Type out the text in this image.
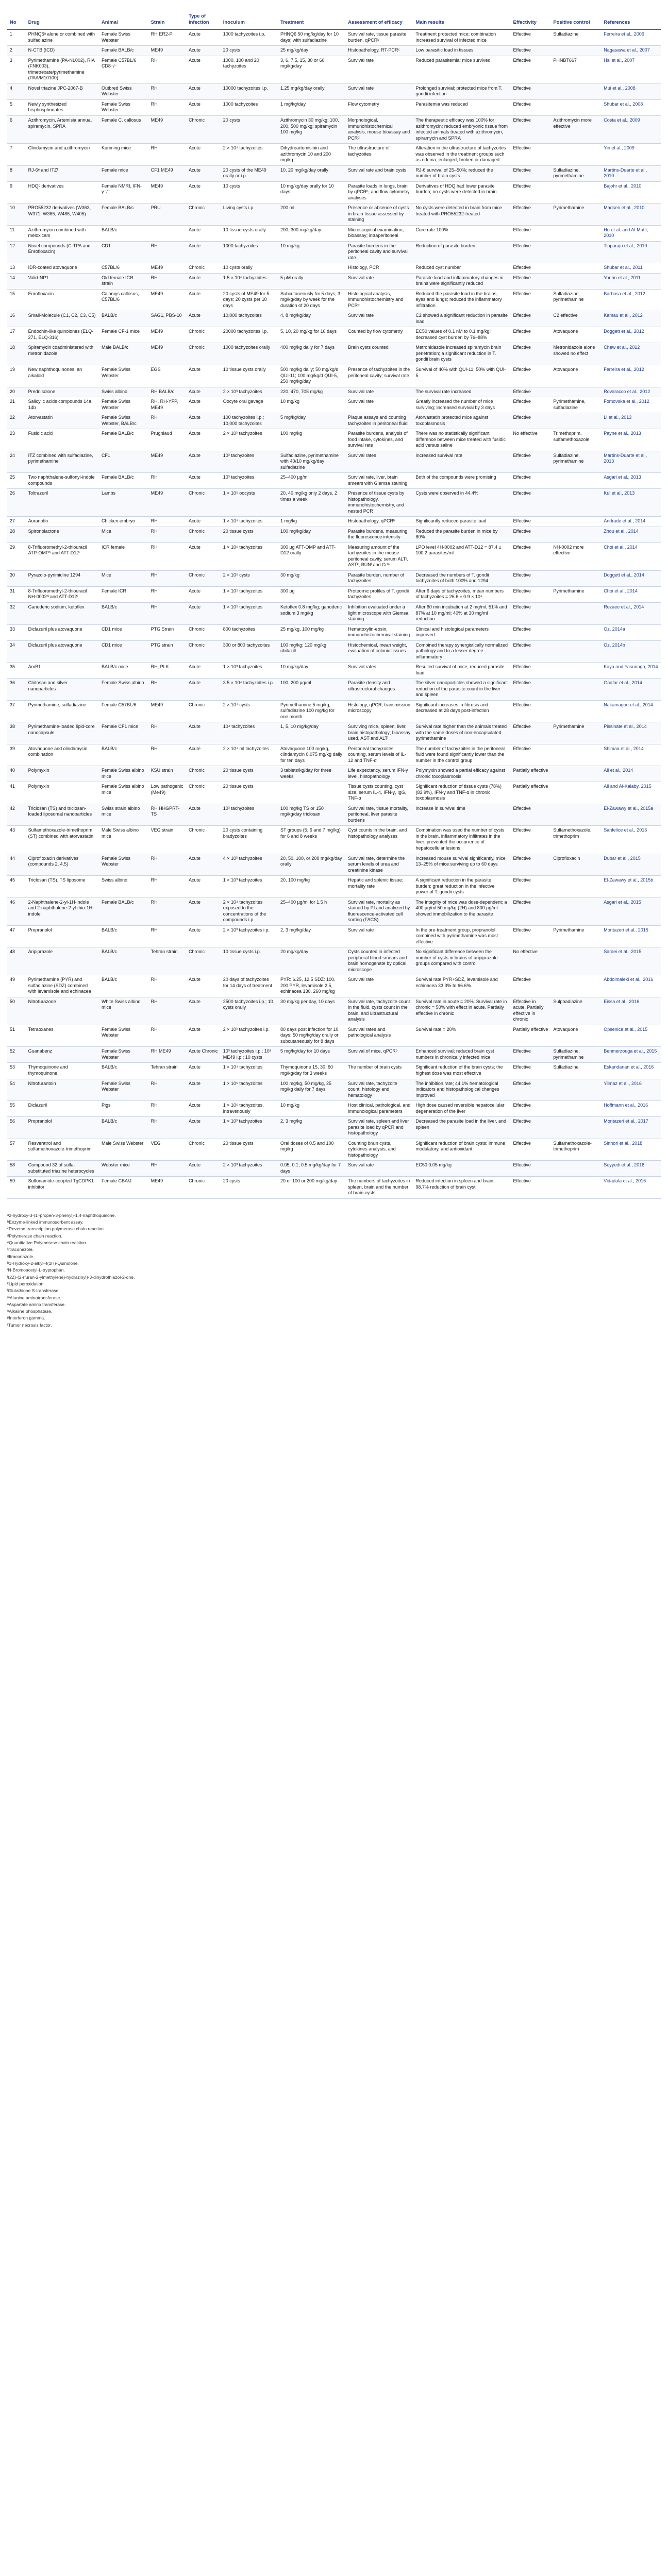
No	Drug	Animal	Strain	Type of infection	Inoculum	Treatment	Assessment of efficacy	Main results	Effectivity	Positive control	References
1	PHNQ6ᵃ alone or combined with sulfadiazine	Female Swiss Webster	RH ER2-P	Acute	1000 tachyzoites i.p.	PHNQ6 50 mg/kg/day for 10 days; with sulfadiazine	Survival rate, tissue parasite burden, qPCRᵇ	Treatment protected mice; combination increased survival of infected mice	Effective	Sulfadiazine	Ferreira et al., 2006
2	N-CTB (ICD)	Female BALB/c	ME49	Acute	20 cysts	25 mg/kg/day	Histopathology, RT-PCRᶜ	Low parasitic load in tissues	Effective		Nagasawa et al., 2007
3	Pyrimethamine (PA-NL002), RIA (FNK003), trimetrexate/pyrimethamine (PAA/M10100)	Female C57BL/6 CD8⁻/⁻	RH	Acute	1000, 100 and 20 tachyzoites	3, 6, 7.5, 15, 30 or 60 mg/kg/day	Survival rate	Reduced parasitemia; mice survived	Effective	PHNBT667	Hsi et al., 2007
4	Novel triazine JPC-2067-B	Outbred Swiss Webster	RH	Acute	10000 tachyzoites i.p.	1.25 mg/kg/day orally	Survival rate	Prolonged survival; protected mice from T. gondii infection	Effective		Mui et al., 2008
5	Newly synthesized bisphosphonates	Female Swiss Webster	RH	Acute	1000 tachyzoites	1 mg/kg/day	Flow cytometry	Parasitemia was reduced	Effective		Shubar et al., 2008
6	Azithromycin, Artemisia annua, spiramycin, SPRA	Female C. callosus	ME49	Chronic	20 cysts	Azithromycin 30 mg/kg; 100, 200, 500 mg/kg; spiramycin 100 mg/kg	Morphological, immunohistochemical analysis, mouse bioassay and PCRᵈ	The therapeutic efficacy was 100% for azithromycin; reduced embryonic tissue from infected animals treated with azithromycin, spiramycin and SPRA	Effective	Azithromycin more effective	Costa et al., 2009
7	Clindamycin and azithromycin	Kunming mice	RH	Acute	2 × 10⁴ tachyzoites	Dihydroartemisinin and azithromycin 10 and 200 mg/kg	The ultrastructure of tachyzoites	Alteration in the ultrastructure of tachyzoites was observed in the treatment groups such as edema, enlarged, broken or damaged	Effective		Yin et al., 2009
8	RJ-6ᵉ and ITZᶠ	Female mice	CF1 ME49	Acute	20 cysts of the ME49 orally or i.p.	10, 20 mg/kg/day orally	Survival rate and brain cysts	RJ-6 survival of 25–50%; reduced the number of brain cysts	Effective	Sulfadiazine, pyrimethamine	Martins-Duarte et al., 2010
9	HDQᵍ derivatives	Female NMRI, IFN-γ⁻/⁻	ME49	Acute	10 cysts	10 mg/kg/day orally for 10 days	Parasite loads in lungs, brain by qPCRᵇ, and flow cytometry analyses	Derivatives of HDQ had lower parasite burden; no cysts were detected in brain	Effective		Bajohr et al., 2010
10	PRO55232 derivatives (W363, W371, W365, W486, W405)	Female BALB/c	PRU	Chronic	Living cysts i.p.	200 ml	Presence or absence of cysts in brain tissue assessed by staining	No cysts were detected in brain from mice treated with PRO55232-treated	Effective	Pyrimethamine	Madsen et al., 2010
11	Azithromycin combined with meloxicam	BALB/c		Acute	10 tissue cysts orally	200, 300 mg/kg/day	Microscopical examination; bioassay; intraperitoneal	Cure rate 100%	Effective		Hu et al. and Al-Mufti, 2010
12	Novel compounds (C-TPA and Enrofloxacin)	CD1	RH	Acute	1000 tachyzoites	10 mg/kg	Parasite burdens in the peritoneal cavity and survival rate	Reduction of parasite burden	Effective		Tipparaju et al., 2010
13	IDR-coated atovaquone	C57BL/6	ME49	Chronic	10 cysts orally		Histology, PCR	Reduced cyst number	Effective		Shubar et al., 2011
14	Valid-NP1	Old female ICR strain	RH	Acute	1.5 × 10⁴ tachyzoites	5 µM orally	Survival rate	Parasite load and inflammatory changes in brains were significantly reduced	Effective		Yonho et al., 2011
15	Enrofloxacin	Calomys callosus, C57BL/6	ME49	Acute	20 cysts of ME49 for 5 days; 20 cysts per 10 days	Subcutaneously for 5 days; 3 mg/kg/day by week for the duration of 20 days	Histological analysis, immunohistochemistry and PCRᵈ	Reduced the parasite load in the brains, eyes and lungs; reduced the inflammatory infiltration	Effective	Sulfadiazine, pyrimethamine	Barbosa et al., 2012
16	Small-Molecule (C1, C2, C3, C5)	BALB/c	SAG1, PBS-10	Acute	10,000 tachyzoites	4, 8 mg/kg/day	Survival rate	C2 showed a significant reduction in parasite load	Effective	C2 effective	Kamau et al., 2012
17	Endochin-like quinolones (ELQ-271, ELQ-316)	Female CF-1 mice	ME49	Chronic	20000 tachyzoites i.p.	5, 10, 20 mg/kg for 16 days	Counted by flow cytometry	EC50 values of 0.1 nM to 0.1 mg/kg; decreased cyst burden by 76–88%	Effective	Atovaquone	Doggett et al., 2012
18	Spiramycin coadministered with metronidazole	Male BALB/c	ME49	Chronic	1000 tachyzoites orally	400 mg/kg daily for 7 days	Brain cysts counted	Metronidazole increased spiramycin brain penetration; a significant reduction in T. gondii brain cysts	Effective	Metronidazole alone showed no effect	Chew et al., 2012
19	New naphthoquinones, an alkaloid	Female Swiss Webster	EGS	Acute	10 tissue cysts orally	500 mg/kg daily; 50 mg/kg/d QUI-11; 100 mg/kg/d QUI-5, 250 mg/kg/day	Presence of tachyzoites in the peritoneal cavity; survival rate	Survival of 40% with QUI-11; 50% with QUI-5	Effective	Atovaquone	Ferreira et al., 2012
20	Prednisolone	Swiss albino	RH BALB/c	Acute	2 × 10³ tachyzoites	220, 470, 705 mg/kg	Survival rate	The survival rate increased	Effective		Rovaracco et al., 2012
21	Salicylic acids compounds 14a, 14b	Female Swiss Webster	RH, RH-YFP, ME49	Acute	Oocyte oral gavage	10 mg/kg	Survival rate	Greatly increased the number of mice surviving; increased survival by 3 days	Effective	Pyrimethamine, sulfadiazine	Fomovska et al., 2012
22	Atorvastatin	Female Swiss Webster, BALB/c	RH	Acute	100 tachyzoites i.p.; 10,000 tachyzoites	5 mg/kg/day	Plaque assays and counting tachyzoites in peritoneal fluid	Atorvastatin protected mice against toxoplasmosis	Effective		Li et al., 2013
23	Fusidic acid	Female BALB/c	Prugniaud	Acute	2 × 10³ tachyzoites	100 mg/kg	Parasite burdens, analysis of food intake, cytokines, and survival rate	There was no statistically significant difference between mice treated with fusidic acid versus saline	No effective	Trimethoprim, sulfamethoxazole	Payne et al., 2013
24	ITZ combined with sulfadiazine, pyrimethamine	CF1	ME49	Acute	10³ tachyzoites	Sulfadiazine, pyrimethamine with 40/10 mg/kg/day sulfadiazine	Survival rates	Increased survival rate	Effective	Sulfadiazine, pyrimethamine	Martins-Duarte et al., 2013
25	Two naphthalene-sulfonyl-indole compounds	Female BALB/c	RH	Acute	10³ tachyzoites	25–400 µg/ml	Survival rate, liver, brain smears with Giemsa staining	Both of the compounds were promising	Effective		Asgari et al., 2013
26	Toltrazuril	Lambs	ME49	Chronic	1 × 10⁵ oocysts	20, 40 mg/kg only 2 days, 2 times a week	Presence of tissue cysts by histopathology, immunohistochemistry, and nested PCR	Cysts were observed in 44.4%	Effective		Kul et al., 2013
27	Auranofin	Chicken embryo	RH	Acute	1 × 10⁴ tachyzoites	1 mg/kg	Histopathology, qPCRᵇ	Significantly reduced parasite load	Effective		Andrade et al., 2014
28	Spironolactone	Mice	RH	Chronic	20 tissue cysts	100 mg/kg/day	Parasite burdens, measuring the fluorescence intensity	Reduced the parasite burden in mice by 80%	Effective		Zhou et al., 2014
29	8-Trifluoromethyl-2-thiouracil ATP-OMPʰ and ATT-D12ⁱ	ICR female	RH	Acute	1 × 10⁵ tachyzoites	300 µg ATT-OMP and ATT-D12 orally	Measuring amount of the tachyzoites in the mouse peritoneal cavity, serum ALTʲ, ASTᵏ, BUNˡ and Crᵐ	LPO level 4H-0002 and ATT-D12 = 87.4 ± 100.2 parasites/ml	Effective	NH-0002 more effective	Choi et al., 2014
30	Pyrazolo-pyrimidine 1294	Mice	RH	Chronic	2 × 10⁵ cysts	30 mg/kg	Parasite burden, number of tachyzoites	Decreased the numbers of T. gondii tachyzoites of both 100% and 1294	Effective		Doggett et al., 2014
31	8-Trifluoromethyl-2-thiouracil NH-0002ᴺ and ATT-D12ⁱ	Female ICR	RH	Acute	1 × 10⁵ tachyzoites	300 µg	Proteomic profiles of T. gondii tachyzoites	After 6 days of tachyzoites, mean numbers of tachyzoites = 26.6 ± 0.9 × 10⁴	Effective	Pyrimethamine	Choi et al., 2014
32	Ganoderic sodium, ketoflex	BALB/c	RH	Acute	1 × 10⁵ tachyzoites	Ketoflex 0.8 mg/kg; ganoderic sodium 3 mg/kg	Inhibition evaluated under a light microscope with Giemsa staining	After 60 min incubation at 2 mg/ml, 51% and 87% at 10 mg/ml; 40% at 30 mg/ml reduction	Effective		Rezaee et al., 2014
33	Diclazuril plus atovaquone	CD1 mice	PTG Strain	Chronic	800 tachyzoites	25 mg/kg, 100 mg/kg	Hematoxylin-eosin, immunohistochemical staining	Clinical and histological parameters improved	Effective		Oz, 2014a
34	Diclazuril plus atovaquone	CD1 mice	PTG strain	Chronic	300 or 800 tachyzoites	100 mg/kg; 120 mg/kg ribitazill	Histochemical, mean weight, evaluation of colonic tissues	Combined therapy synergistically normalized pathology and to a lesser degree inflammatory	Effective		Oz, 2014b
35	AmB1	BALB/c mice	RH, PLK	Acute	1 × 10³ tachyzoites	10 mg/kg/day	Survival rates	Resulted survival of mice, reduced parasite load	Effective		Kaya and Yasunaga, 2014
36	Chitosan and silver nanoparticles	Female Swiss albino	RH	Acute	3.5 × 10⁴ tachyzoites i.p.	100, 200 µg/ml	Parasite density and ultrastructural changes	The silver nanoparticles showed a significant reduction of the parasite count in the liver and spleen	Effective		Gaafar et al., 2014
37	Pyrimethamine, sulfadiazine	Female C57BL/6	ME49	Chronic	2 × 10⁴ cysts	Pyrimethamine 5 mg/kg, sulfadiazine 100 mg/kg for one month	Histology, qPCR, transmission microscopy	Significant increases in fibrosis and decreased at 28 days post-infection	Effective		Nakamagoe et al., 2014
38	Pyrimethamine-loaded lipid-core nanocapsule	Female CF1 mice	RH	Acute	10⁴ tachyzoites	1, 5, 10 mg/kg/day	Surviving mice, spleen, liver, brain histopathology; bioassay used, AST and ALTʲ	Survival rate higher than the animals treated with the same doses of non-encapsulated pyrimethamine	Effective	Pyrimethamine	Pissinate et al., 2014
39	Atovaquone and clindamycin combination	BALB/c	RH	Acute	2 × 10⁴ ml tachyzoites	Atovaquone 100 mg/kg, clindamycin 0.075 mg/kg daily for ten days	Peritoneal tachyzoites counting, serum levels of IL-12 and TNF-α	The number of tachyzoites in the peritoneal fluid were found significantly lower than the number in the control group	Effective		Shimaa et al., 2014
40	Polymyxin	Female Swiss albino mice	KSU strain	Chronic	20 tissue cysts	3 tablets/kg/day for three weeks	Life expectancy, serum IFN-γ level, histopathology	Polymyxin showed a partial efficacy against chronic toxoplasmosis	Partially effective		Ali et al., 2014
41	Polymyxin	Female Swiss albino mice	Low pathogenic (Me49)	Chronic	20 tissue cysts		Tissue cysts counting, cyst size, serum IL-4, IFN-γ, IgG, TNF-α	Significant reduction of tissue cysts (78%) (83.9%), IFN-γ and TNF-α in chronic toxoplasmosis	Partially effective		Ali and Al-Kalaby, 2015
42	Triclosan (TS) and triclosan-loaded liposomal nanoparticles	Swiss strain albino mice	RH HHGPRT-TS	Acute	10³ tachyzoites	100 mg/kg TS or 150 mg/kg/day triclosan	Survival rate, tissue mortality, peritoneal, liver parasite burdens	Increase in survival time	Effective		El-Zawawy et al., 2015a
43	Sulfamethoxazole-trimethoprim (ST) combined with atorvastatin	Male Swiss albino mice	VEG strain	Chronic	20 cysts containing bradyzoites	ST groups (5, 6 and 7 mg/kg) for 6 and 8 weeks	Cyst counts in the brain, and histopathology analyses	Combination was used the number of cysts in the brain, inflammatory infiltrates in the liver; prevented the occurrence of hepatocellular lesions	Effective	Sulfamethoxazole, trimethoprim	Sanfelice et al., 2015
44	Ciprofloxacin derivatives (compounds 2, 4,5)	Female Swiss Webster	RH	Acute	4 × 10³ tachyzoites	20, 50, 100, or 200 mg/kg/day orally	Survival rate, determine the serum levels of urea and creatinine kinase	Increased mouse survival significantly, mice 13–25% of mice surviving up to 60 days	Effective	Ciprofloxacin	Dubar et al., 2015
45	Triclosan (TS), TS liposome	Swiss albino	RH	Acute	1 × 10³ tachyzoites	20, 100 mg/kg	Hepatic and splenic tissue; mortality rate	A significant reduction in the parasite burden; great reduction in the infective power of T. gondii cysts	Effective		El-Zawawy et al., 2015b
46	2-Naphthalene-2-yl-1H-indole and 2-naphthalene-2-yl-thio-1H-indole	Female BALB/c	RH	Acute	2 × 10⁴ tachyzoites exposed to the concentrations of the compounds i.p.	25–400 µg/ml for 1.5 h	Survival rate, mortality as stained by PI and analyzed by fluorescence-activated cell sorting (FACS)	The integrity of mice was dose-dependent; a 400 µg/ml 50 mg/kg (2H) and 800 µg/ml showed immobilization to the parasite	Effective		Asgari et al., 2015
47	Propranolol	BALB/c	RH	Acute	2 × 10³ tachyzoites i.p.	2, 3 mg/kg/day	Survival rate	In the pre-treatment group, propranolol combined with pyrimethamine was most effective	Effective	Pyrimethamine	Montazeri et al., 2015
48	Aripiprazole	BALB/c	Tehran strain	Chronic	10 tissue cysts i.p.	20 mg/kg/day	Cysts counted in infected peripheral blood smears and brain homogenate by optical microscope	No significant difference between the number of cysts in brains of aripiprazole groups compared with control	No effective		Saraei et al., 2015
49	Pyrimethamine (PYR) and sulfadiazine (SDZ) combined with levamisole and echinacea	BALB/c	RH	Acute	20 days of tachyzoites for 14 days of treatment	PYR: 6.25, 12.5 SDZ: 100, 200 PYR, levamisole 2.5, echinacea 130, 260 mg/kg	Survival rate	Survival rate PYR+SDZ, levamisole and echinacea 33.3% to 66.6%	Effective		Abdolmaleki et al., 2016
50	Nitrofurazone	White Swiss albino mice	RH	Acute	2500 tachyzoites i.p.; 10 cysts orally	30 mg/kg per day, 10 days	Survival rate, tachyzoite count in the fluid, cysts count in the brain, and ultrastructural analysis	Survival rate in acute = 20%. Survival rate in chronic = 50% with effect in acute. Partially effective in chronic	Effective in acute. Partially effective in chronic	Sulphadiazine	Eissa et al., 2016
51	Tetraoxanes	Female Swiss Webster	RH	Acute	2 × 10³ tachyzoites i.p.	80 days post infection for 10 days; 50 mg/kg/day orally or subcutaneously for 8 days	Survival rates and pathological analysis	Survival rate = 20%	Partially effective	Atovaquone	Opsenica et al., 2015
52	Guanabenz	Female Swiss Webster	RH ME49	Acute Chronic	10³ tachyzoites i.p.; 10³ ME49 i.p.; 10 cysts	5 mg/kg/day for 10 days	Survival of mice, qPCRᵇ	Enhanced survival; reduced brain cyst numbers in chronically infected mice	Effective	Sulfadiazine, pyrimethamine	Benmerzouga et al., 2015
53	Thymoquinone and thymoquinone	BALB/c	Tehran strain	Acute	1 × 10⁴ tachyzoites	Thymoquinone 15, 30, 60 mg/kg/day for 3 weeks	The number of brain cysts	Significant reduction of the brain cysts; the highest dose was most effective	Effective	Sulfadiazine	Eskandarian et al., 2016
54	Nitrofurantoin	Female Swiss Webster	RH	Acute	1 × 10⁵ tachyzoites	100 mg/kg, 50 mg/kg, 25 mg/kg daily for 7 days	Survival rate, tachyzoite count, histology and hematology	The inhibition rate; 44.1% hematological indicators and histopathological changes improved	Effective		Yilmaz et al., 2016
55	Diclazuril	Pigs	RH	Acute	1 × 10⁵ tachyzoites, intravenously	10 mg/kg	Host clinical, pathological, and immunological parameters	High dose caused reversible hepatocellular degeneration of the liver	Effective		Hoffmann et al., 2016
56	Propranolol	BALB/c	RH	Acute	1 × 10³ tachyzoites	2, 3 mg/kg	Survival rate, spleen and liver parasite load by qPCR and histopathology	Decreased the parasite load in the liver, and spleen	Effective		Montazeri et al., 2017
57	Resveratrol and sulfamethoxazole-trimethoprim	Male Swiss Webster	VEG	Chronic	20 tissue cysts	Oral doses of 0.5 and 100 mg/kg	Counting brain cysts, cytokines analysis, and histopathology	Significant reduction of brain cysts; immune modulatory, and antioxidant	Effective	Sulfamethoxazole-trimethoprim	Sinhori et al., 2018
58	Compound 32 of sulfa-substituted triazine heterocycles	Webster mice	RH	Acute	2 × 10³ tachyzoites	0.05, 0.1, 0.5 mg/kg/day for 7 days	Survival rate	EC50 0.05 mg/kg	Effective		Seyyedi et al., 2018
59	Sulfonamide-coupled TgCDPK1 inhibitor	Female CBA/J	ME49	Chronic	20 cysts	20 or 100 or 200 mg/kg/day	The numbers of tachyzoites in spleen, brain and the number of brain cysts	Reduced infection in spleen and brain; 98.7% reduction of brain cyst	Effective		Vidadala et al., 2016
ᵃ2-hydroxy-3-(1'-propen-3-phenyl)-1,4-naphthoquinone.
ᵇEnzyme-linked immunosorbent assay.
ᶜReverse transcription polymerase chain reaction.
ᵈPolymerase chain reaction.
ᵉQuantitative Polymerase chain reaction.
ᶠItraconazole.
ᵍItraconazole.
ʰ1-Hydroxy-2-alkyl-4(1H)-Quinolone.
ⁱN-Bromoacetyl-L-tryptophan.
ʲ(2Z)-(2-(furan-2-ylmethylene)-hydrazinyl)-3-dihydrothiazol-2-one.
ᵏLipid peroxidation.
ˡGlutathione S-transferase.
ᵐAlanine aminotransferase.
ⁿAspartate amino transferase.
ᵒAlkaline phosphatase.
ᵖInterferon gamma.
ᵗTumor necrosis factor.
